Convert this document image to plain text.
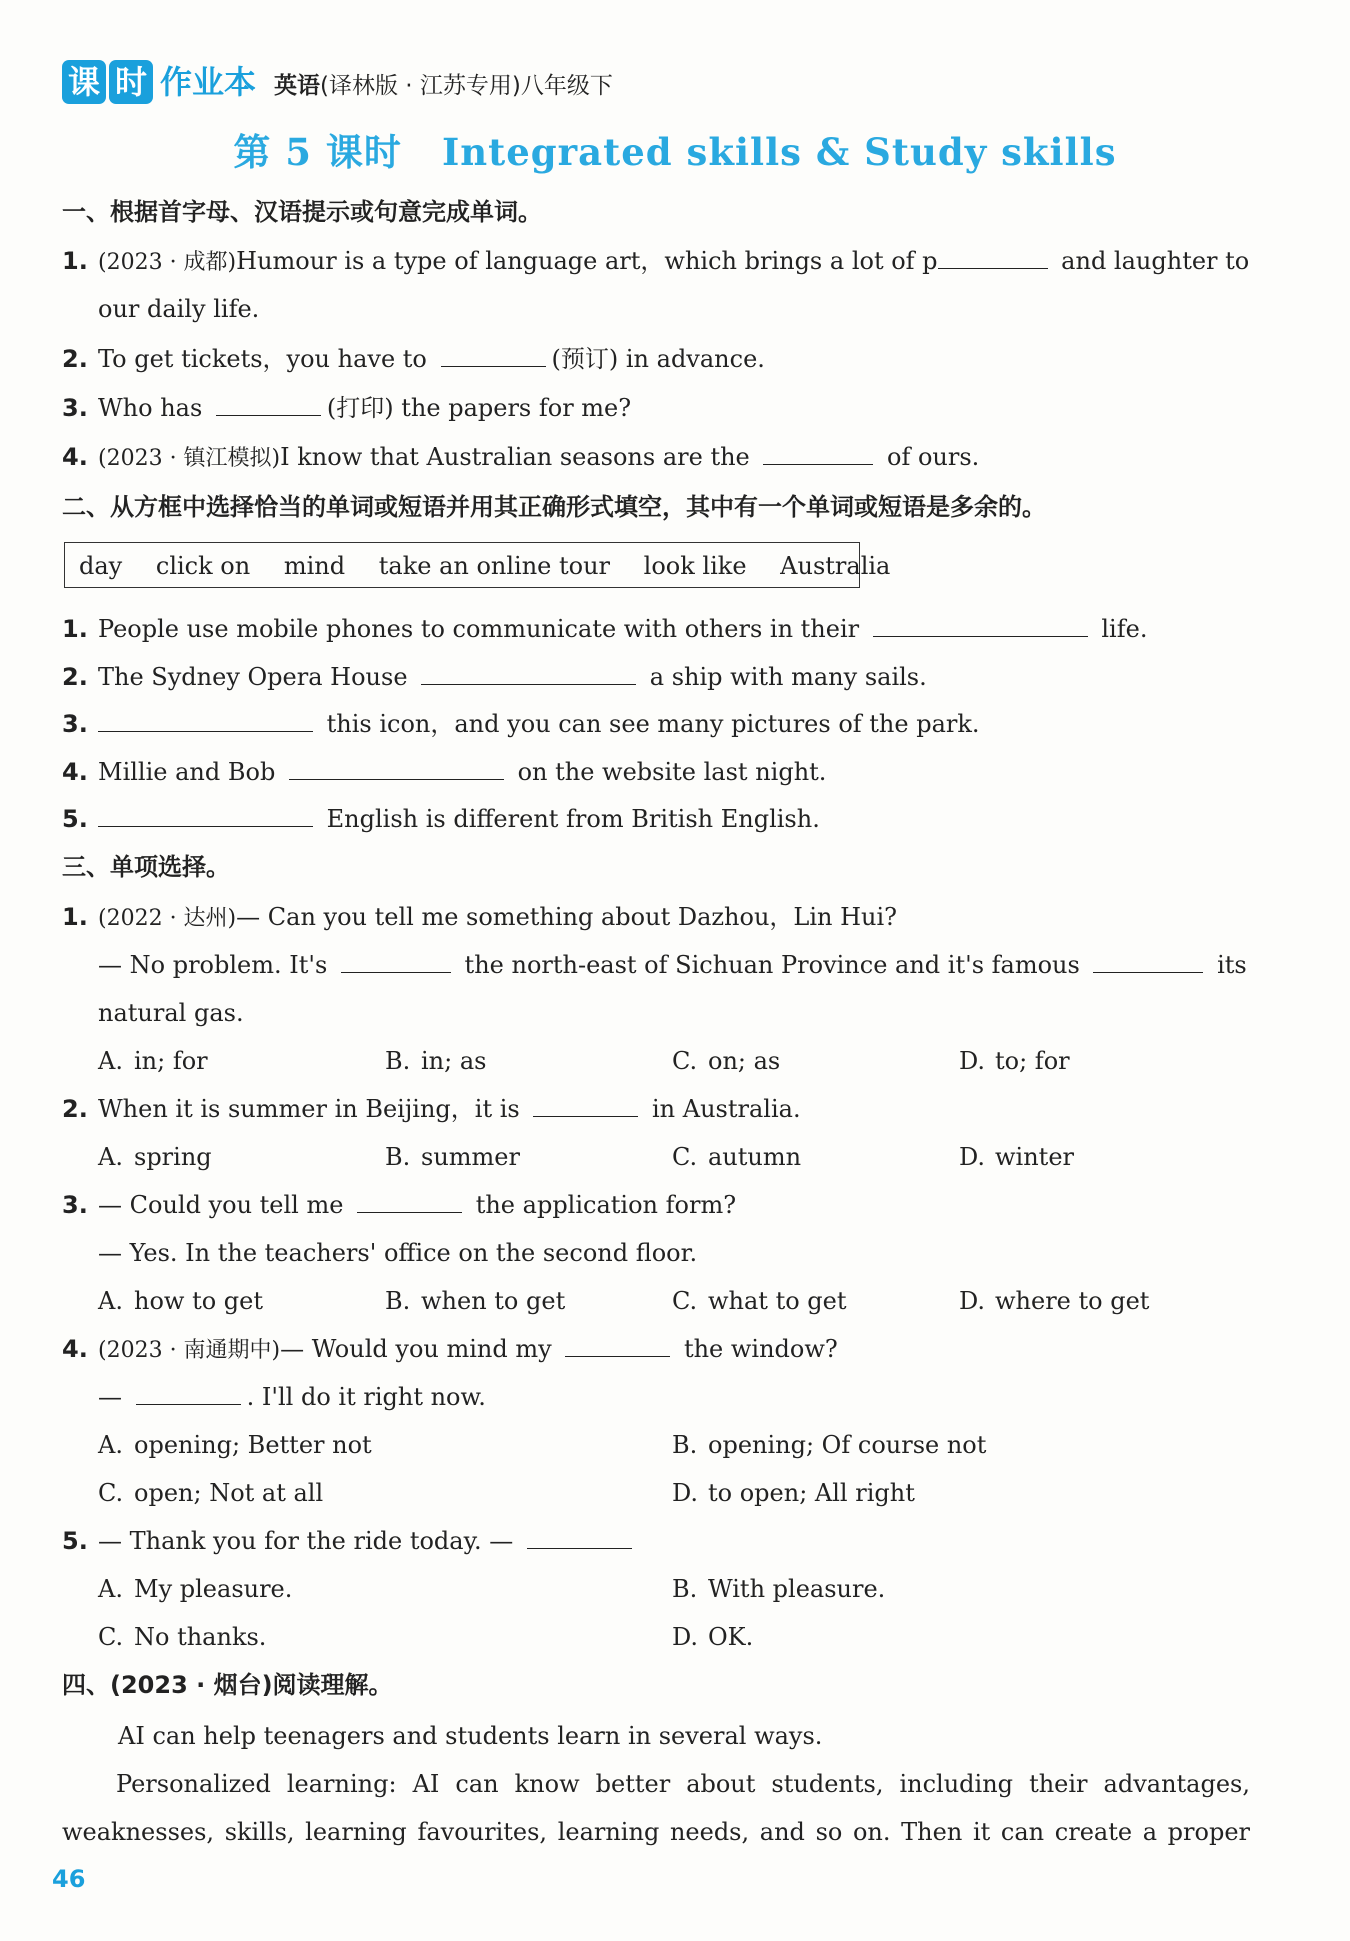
课 时 作业本 英语(译林版 · 江苏专用)八年级下
第 5 课时 Integrated skills & Study skills
一、根据首字母、汉语提示或句意完成单词。
1. (2023 · 成都)Humour is a type of language art，which brings a lot of p	and laughter to
our daily life.
2. To get tickets，you have to	(预订) in advance.
3. Who has	(打印) the papers for me?
4. (2023 · 镇江模拟)I know that Australian seasons are the	of ours.
二、从方框中选择恰当的单词或短语并用其正确形式填空，其中有一个单词或短语是多余的。
day click on mind take an online tour look like Australia
1. People use mobile phones to communicate with others in their	life.
2. The Sydney Opera House	a ship with many sails.
3.	this icon，and you can see many pictures of the park.
4. Millie and Bob	on the website last night.
5.	English is different from British English.
三、单项选择。
1. (2022 · 达州)— Can you tell me something about Dazhou，Lin Hui?
— No problem. It's	the north-east of Sichuan Province and it's famous	its
natural gas.
A. in; for	B. in; as	C. on; as	D. to; for
2. When it is summer in Beijing，it is	in Australia.
A. spring	B. summer	C. autumn	D. winter
3. — Could you tell me	the application form?
— Yes. In the teachers' office on the second floor.
A. how to get	B. when to get	C. what to get	D. where to get
4. (2023 · 南通期中)— Would you mind my	the window?
—	. I'll do it right now.
A. opening; Better not	B. opening; Of course not
C. open; Not at all	D. to open; All right
5. — Thank you for the ride today. —
A. My pleasure.	B. With pleasure.
C. No thanks.	D. OK.
四、(2023 · 烟台)阅读理解。
AI can help teenagers and students learn in several ways.
Personalized learning: AI can know better about students, including their advantages, weaknesses, skills, learning favourites, learning needs, and so on. Then it can create a proper
46
